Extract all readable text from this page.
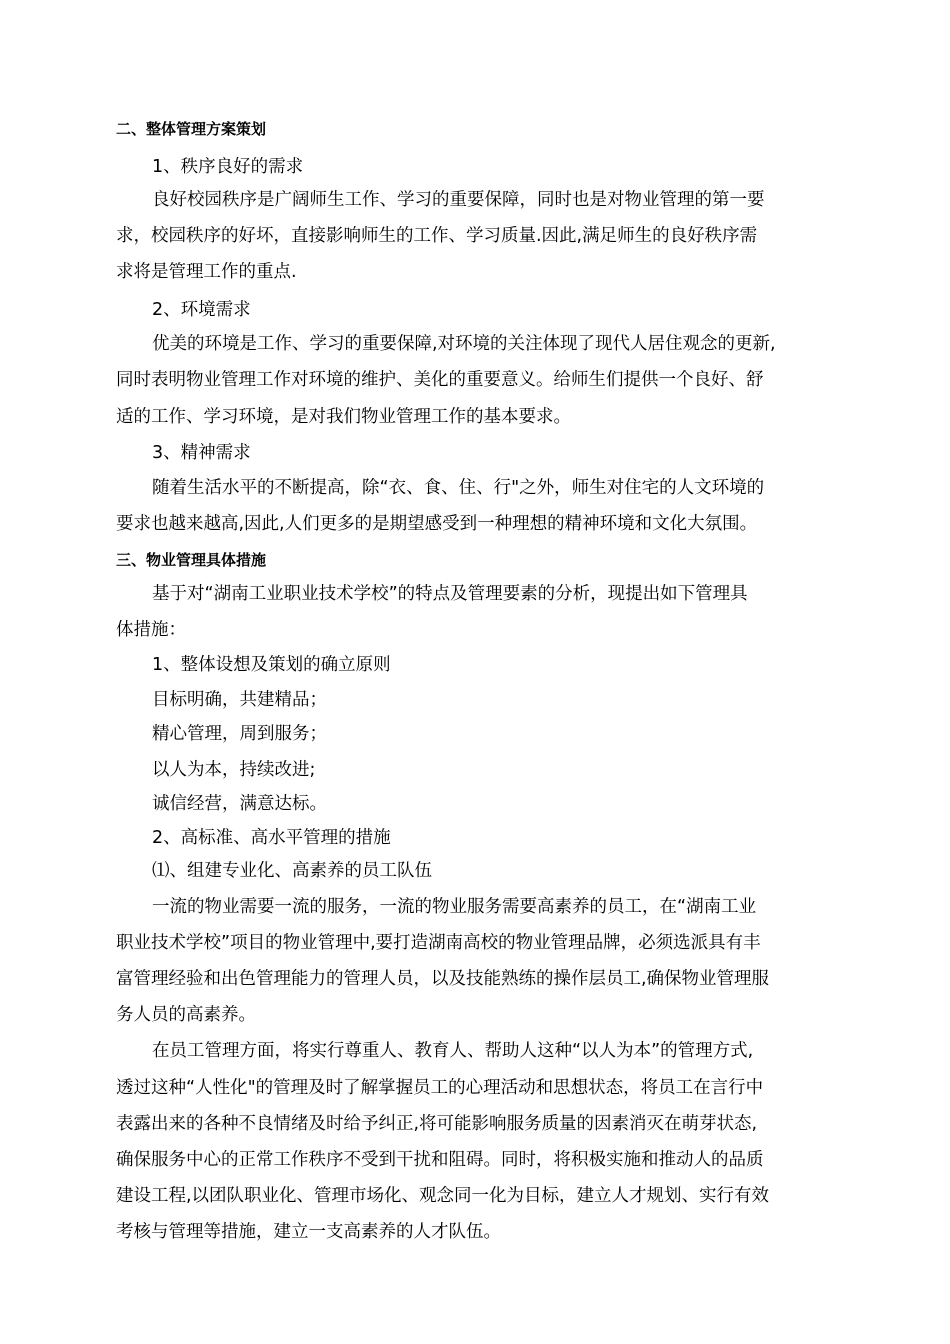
二、整体管理方案策划
1、秩序良好的需求
良好校园秩序是广阔师生工作、学习的重要保障，同时也是对物业管理的第一要
求，校园秩序的好坏，直接影响师生的工作、学习质量.因此,满足师生的良好秩序需
求将是管理工作的重点.
2、环境需求
优美的环境是工作、学习的重要保障,对环境的关注体现了现代人居住观念的更新,
同时表明物业管理工作对环境的维护、美化的重要意义。给师生们提供一个良好、舒
适的工作、学习环境，是对我们物业管理工作的基本要求。
3、精神需求
随着生活水平的不断提高，除“衣、食、住、行"之外，师生对住宅的人文环境的
要求也越来越高,因此,人们更多的是期望感受到一种理想的精神环境和文化大氛围。
三、物业管理具体措施
基于对“湖南工业职业技术学校”的特点及管理要素的分析，现提出如下管理具
体措施：
1、整体设想及策划的确立原则
目标明确，共建精品；
精心管理，周到服务；
以人为本，持续改进;
诚信经营，满意达标。
2、高标准、高水平管理的措施
⑴、组建专业化、高素养的员工队伍
一流的物业需要一流的服务，一流的物业服务需要高素养的员工，在“湖南工业
职业技术学校”项目的物业管理中,要打造湖南高校的物业管理品牌，必须选派具有丰
富管理经验和出色管理能力的管理人员，以及技能熟练的操作层员工,确保物业管理服
务人员的高素养。
在员工管理方面，将实行尊重人、教育人、帮助人这种“以人为本”的管理方式,
透过这种“人性化"的管理及时了解掌握员工的心理活动和思想状态，将员工在言行中
表露出来的各种不良情绪及时给予纠正,将可能影响服务质量的因素消灭在萌芽状态,
确保服务中心的正常工作秩序不受到干扰和阻碍。同时，将积极实施和推动人的品质
建设工程,以团队职业化、管理市场化、观念同一化为目标，建立人才规划、实行有效
考核与管理等措施，建立一支高素养的人才队伍。
